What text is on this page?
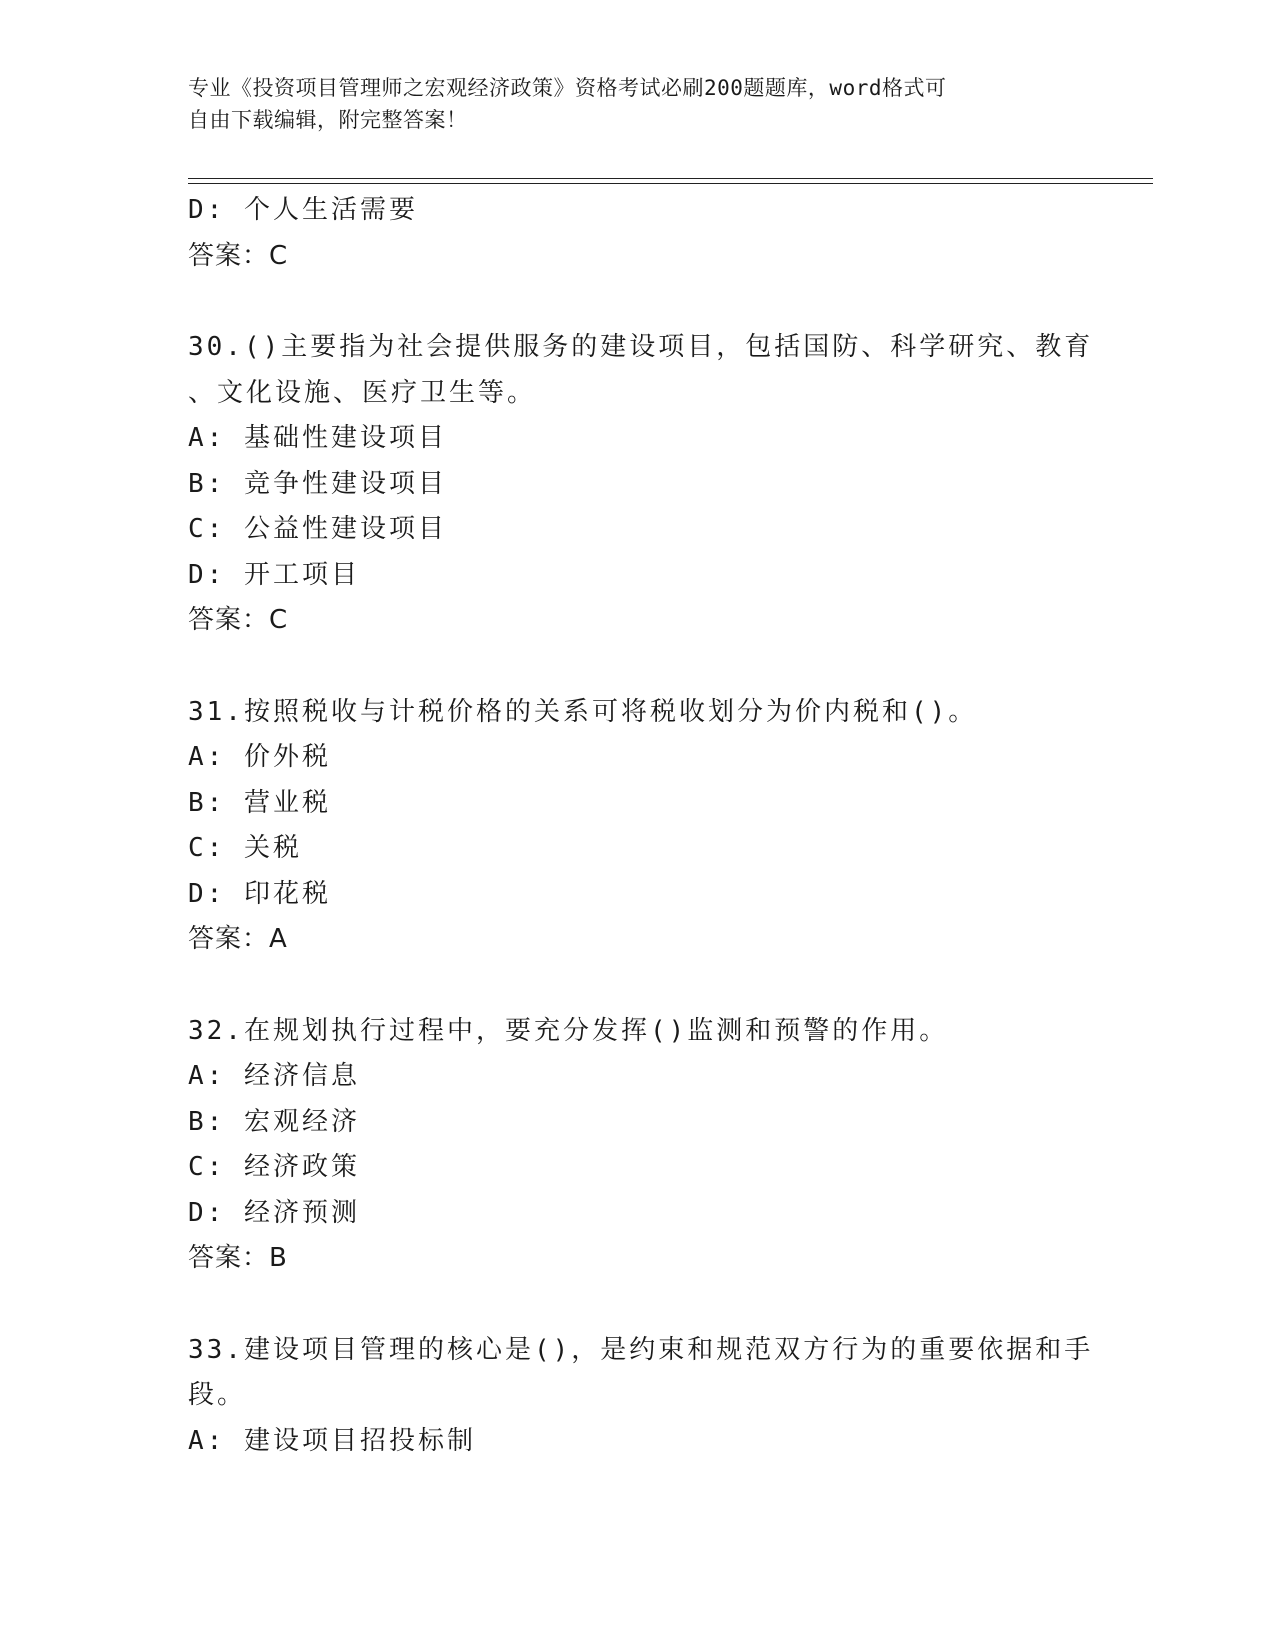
专业《投资项目管理师之宏观经济政策》资格考试必刷200题题库，word格式可
自由下载编辑，附完整答案！
D: 个人生活需要
答案：C
30.()主要指为社会提供服务的建设项目，包括国防、科学研究、教育
、文化设施、医疗卫生等。
A: 基础性建设项目
B: 竞争性建设项目
C: 公益性建设项目
D: 开工项目
答案：C
31.按照税收与计税价格的关系可将税收划分为价内税和()。
A: 价外税
B: 营业税
C: 关税
D: 印花税
答案：A
32.在规划执行过程中，要充分发挥()监测和预警的作用。
A: 经济信息
B: 宏观经济
C: 经济政策
D: 经济预测
答案：B
33.建设项目管理的核心是()，是约束和规范双方行为的重要依据和手
段。
A: 建设项目招投标制
